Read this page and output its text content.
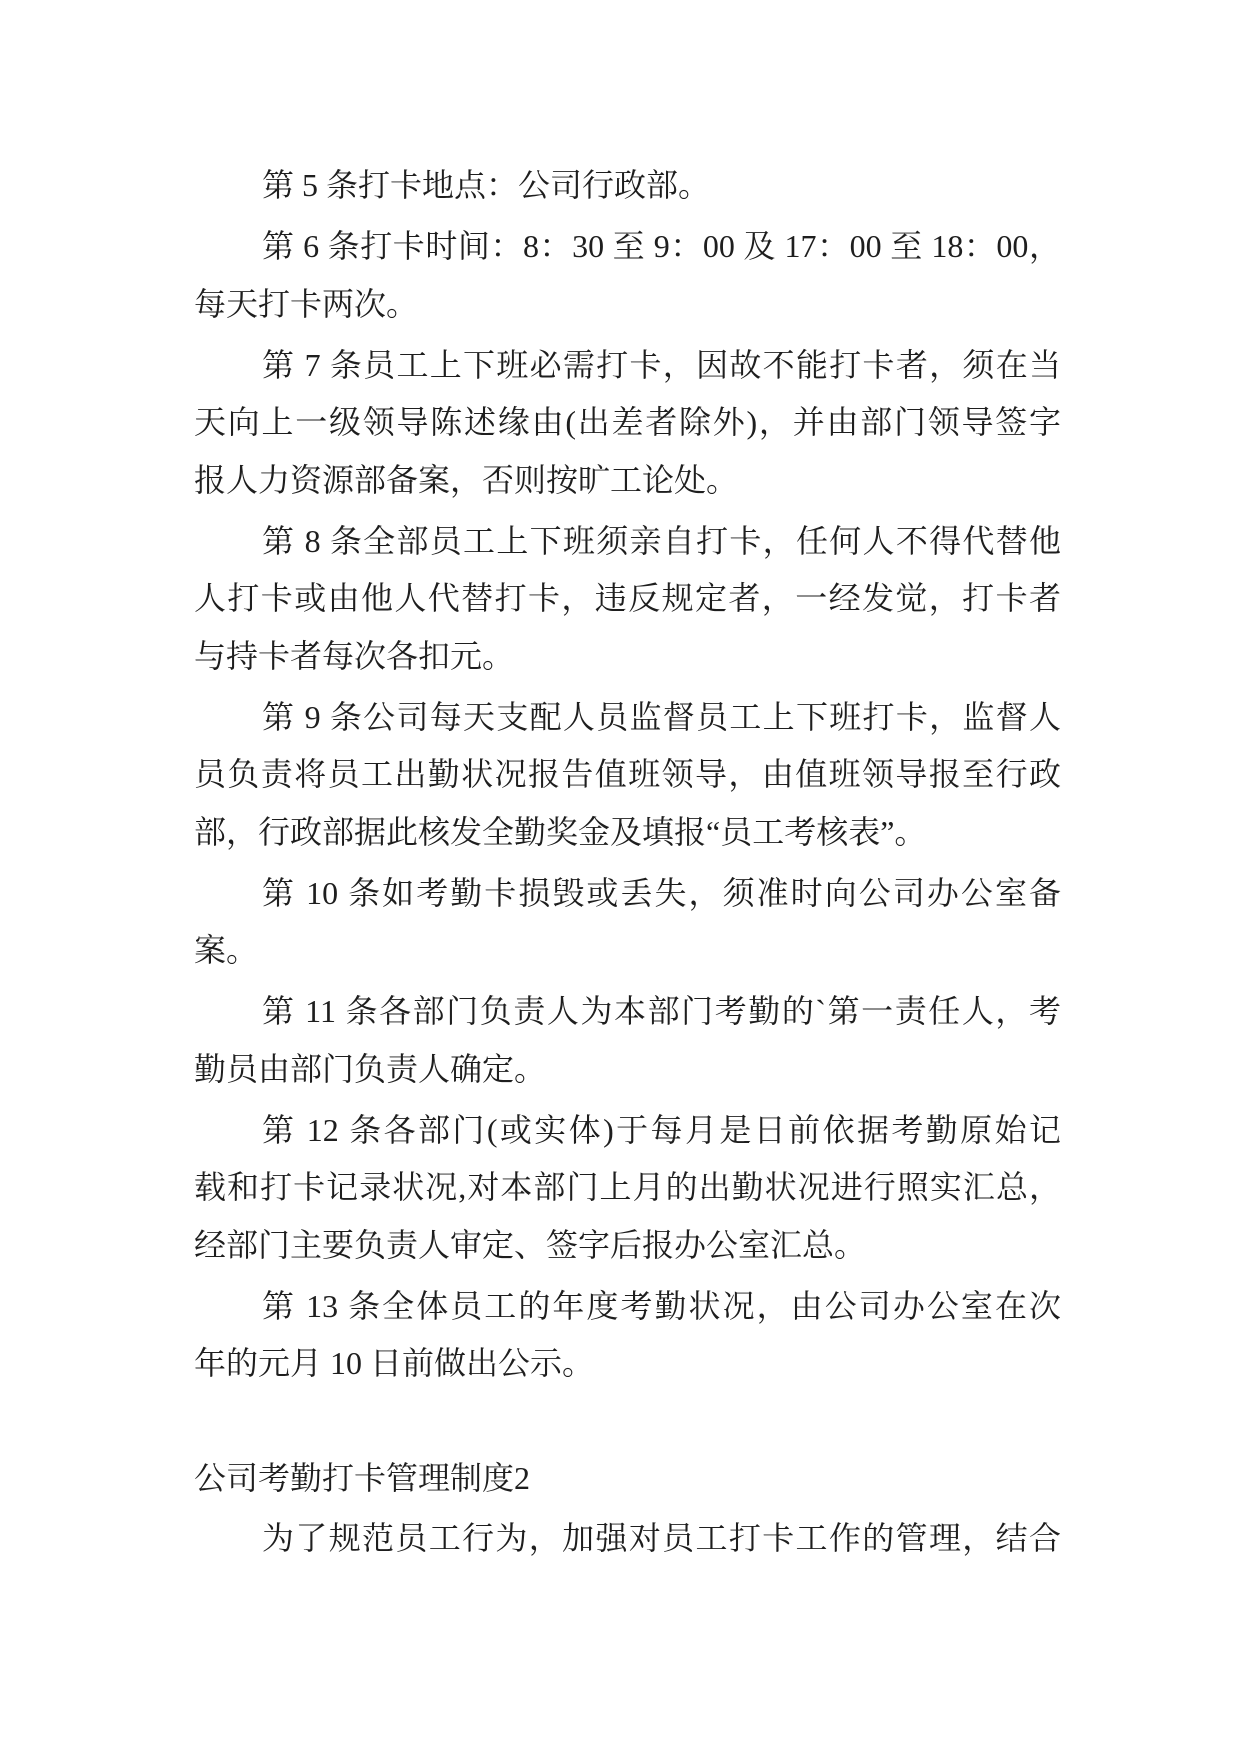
第 5 条打卡地点：公司行政部。
第 6 条打卡时间：8：30 至 9：00 及 17：00 至 18：00，
每天打卡两次。
第 7 条员工上下班必需打卡，因故不能打卡者，须在当
天向上一级领导陈述缘由(出差者除外)，并由部门领导签字
报人力资源部备案，否则按旷工论处。
第 8 条全部员工上下班须亲自打卡，任何人不得代替他
人打卡或由他人代替打卡，违反规定者，一经发觉，打卡者
与持卡者每次各扣元。
第 9 条公司每天支配人员监督员工上下班打卡，监督人
员负责将员工出勤状况报告值班领导，由值班领导报至行政
部，行政部据此核发全勤奖金及填报“员工考核表”。
第 10 条如考勤卡损毁或丢失，须准时向公司办公室备
案。
第 11 条各部门负责人为本部门考勤的`第一责任人，考
勤员由部门负责人确定。
第 12 条各部门(或实体)于每月是日前依据考勤原始记
载和打卡记录状况,对本部门上月的出勤状况进行照实汇总，
经部门主要负责人审定、签字后报办公室汇总。
第 13 条全体员工的年度考勤状况，由公司办公室在次
年的元月 10 日前做出公示。
公司考勤打卡管理制度2
为了规范员工行为，加强对员工打卡工作的管理，结合
